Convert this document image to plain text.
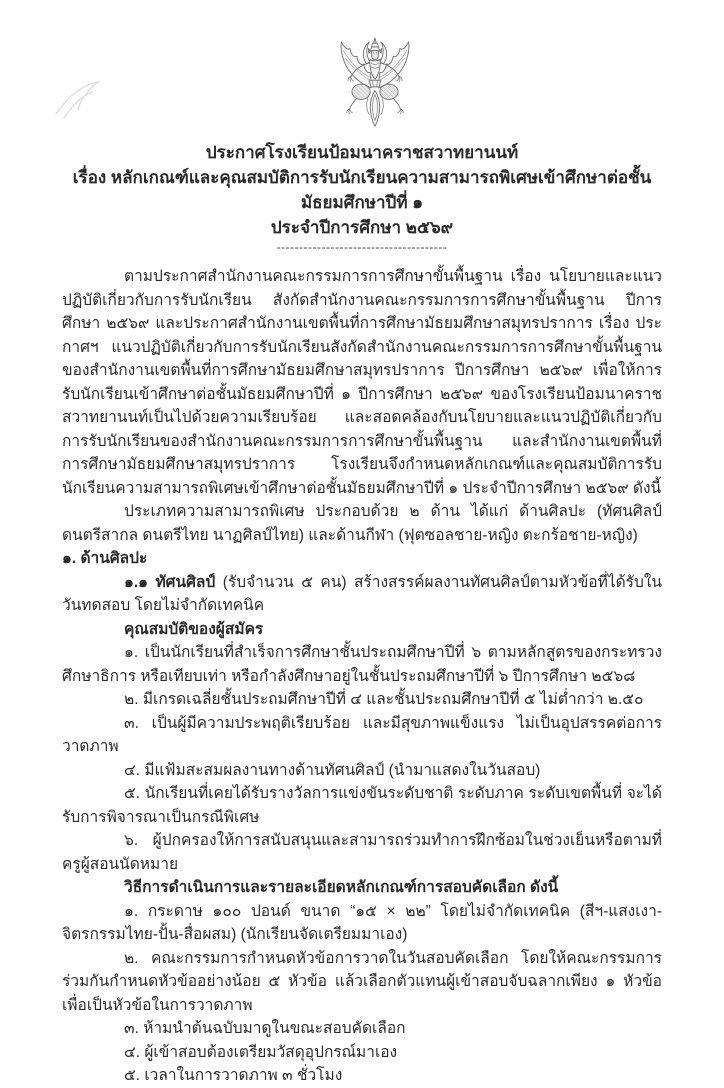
ประกาศโรงเรียนป้อมนาคราชสวาทยานนท์

เรื่อง หลักเกณฑ์และคุณสมบัติการรับนักเรียนความสามารถพิเศษเข้าศึกษาต่อชั้นมัธยมศึกษาปีที่ ๑

ประจำปีการศึกษา ๒๕๖๙

--------------------------------------

ตามประกาศสำนักงานคณะกรรมการการศึกษาขั้นพื้นฐาน เรื่อง นโยบายและแนวปฏิบัติเกี่ยวกับการรับนักเรียน สังกัดสำนักงานคณะกรรมการการศึกษาขั้นพื้นฐาน ปีการศึกษา ๒๕๖๙ และประกาศสำนักงานเขตพื้นที่การศึกษามัธยมศึกษาสมุทรปราการ เรื่อง ประกาศฯ แนวปฏิบัติเกี่ยวกับการรับนักเรียนสังกัดสำนักงานคณะกรรมการการศึกษาขั้นพื้นฐานของสำนักงานเขตพื้นที่การศึกษามัธยมศึกษาสมุทรปราการ ปีการศึกษา ๒๕๖๙ เพื่อให้การรับนักเรียนเข้าศึกษาต่อชั้นมัธยมศึกษาปีที่ ๑ ปีการศึกษา ๒๕๖๙ ของโรงเรียนป้อมนาคราชสวาทยานนท์เป็นไปด้วยความเรียบร้อย และสอดคล้องกับนโยบายและแนวปฏิบัติเกี่ยวกับการรับนักเรียนของสำนักงานคณะกรรมการการศึกษาขั้นพื้นฐาน และสำนักงานเขตพื้นที่การศึกษามัธยมศึกษาสมุทรปราการ โรงเรียนจึงกำหนดหลักเกณฑ์และคุณสมบัติการรับนักเรียนความสามารถพิเศษเข้าศึกษาต่อชั้นมัธยมศึกษาปีที่ ๑ ประจำปีการศึกษา ๒๕๖๙ ดังนี้

ประเภทความสามารถพิเศษ ประกอบด้วย ๒ ด้าน ได้แก่ ด้านศิลปะ (ทัศนศิลป์ ดนตรีสากล ดนตรีไทย นาฏศิลป์ไทย) และด้านกีฬา (ฟุตซอลชาย-หญิง ตะกร้อชาย-หญิง)

๑. ด้านศิลปะ

๑.๑ ทัศนศิลป์ (รับจำนวน ๕ คน) สร้างสรรค์ผลงานทัศนศิลป์ตามหัวข้อที่ได้รับในวันทดสอบ โดยไม่จำกัดเทคนิค

คุณสมบัติของผู้สมัคร

๑. เป็นนักเรียนที่สำเร็จการศึกษาชั้นประถมศึกษาปีที่ ๖ ตามหลักสูตรของกระทรวงศึกษาธิการ หรือเทียบเท่า หรือกำลังศึกษาอยู่ในชั้นประถมศึกษาปีที่ ๖ ปีการศึกษา ๒๕๖๘

๒. มีเกรดเฉลี่ยชั้นประถมศึกษาปีที่ ๔ และชั้นประถมศึกษาปีที่ ๕ ไม่ต่ำกว่า ๒.๕๐

๓. เป็นผู้มีความประพฤติเรียบร้อย และมีสุขภาพแข็งแรง ไม่เป็นอุปสรรคต่อการวาดภาพ

๔. มีแฟ้มสะสมผลงานทางด้านทัศนศิลป์ (นำมาแสดงในวันสอบ)

๕. นักเรียนที่เคยได้รับรางวัลการแข่งขันระดับชาติ ระดับภาค ระดับเขตพื้นที่ จะได้รับการพิจารณาเป็นกรณีพิเศษ

๖. ผู้ปกครองให้การสนับสนุนและสามารถร่วมทำการฝึกซ้อมในช่วงเย็นหรือตามที่ครูผู้สอนนัดหมาย

วิธีการดำเนินการและรายละเอียดหลักเกณฑ์การสอบคัดเลือก ดังนี้

๑. กระดาษ ๑๐๐ ปอนด์ ขนาด “๑๕ × ๒๒” โดยไม่จำกัดเทคนิค (สีฯ-แสงเงา-จิตรกรรมไทย-ปั้น-สื่อผสม) (นักเรียนจัดเตรียมมาเอง)

๒. คณะกรรมการกำหนดหัวข้อการวาดในวันสอบคัดเลือก โดยให้คณะกรรมการร่วมกันกำหนดหัวข้ออย่างน้อย ๕ หัวข้อ แล้วเลือกตัวแทนผู้เข้าสอบจับฉลากเพียง ๑ หัวข้อ เพื่อเป็นหัวข้อในการวาดภาพ

๓. ห้ามนำต้นฉบับมาดูในขณะสอบคัดเลือก

๔. ผู้เข้าสอบต้องเตรียมวัสดุอุปกรณ์มาเอง

๕. เวลาในการวาดภาพ ๓ ชั่วโมง
